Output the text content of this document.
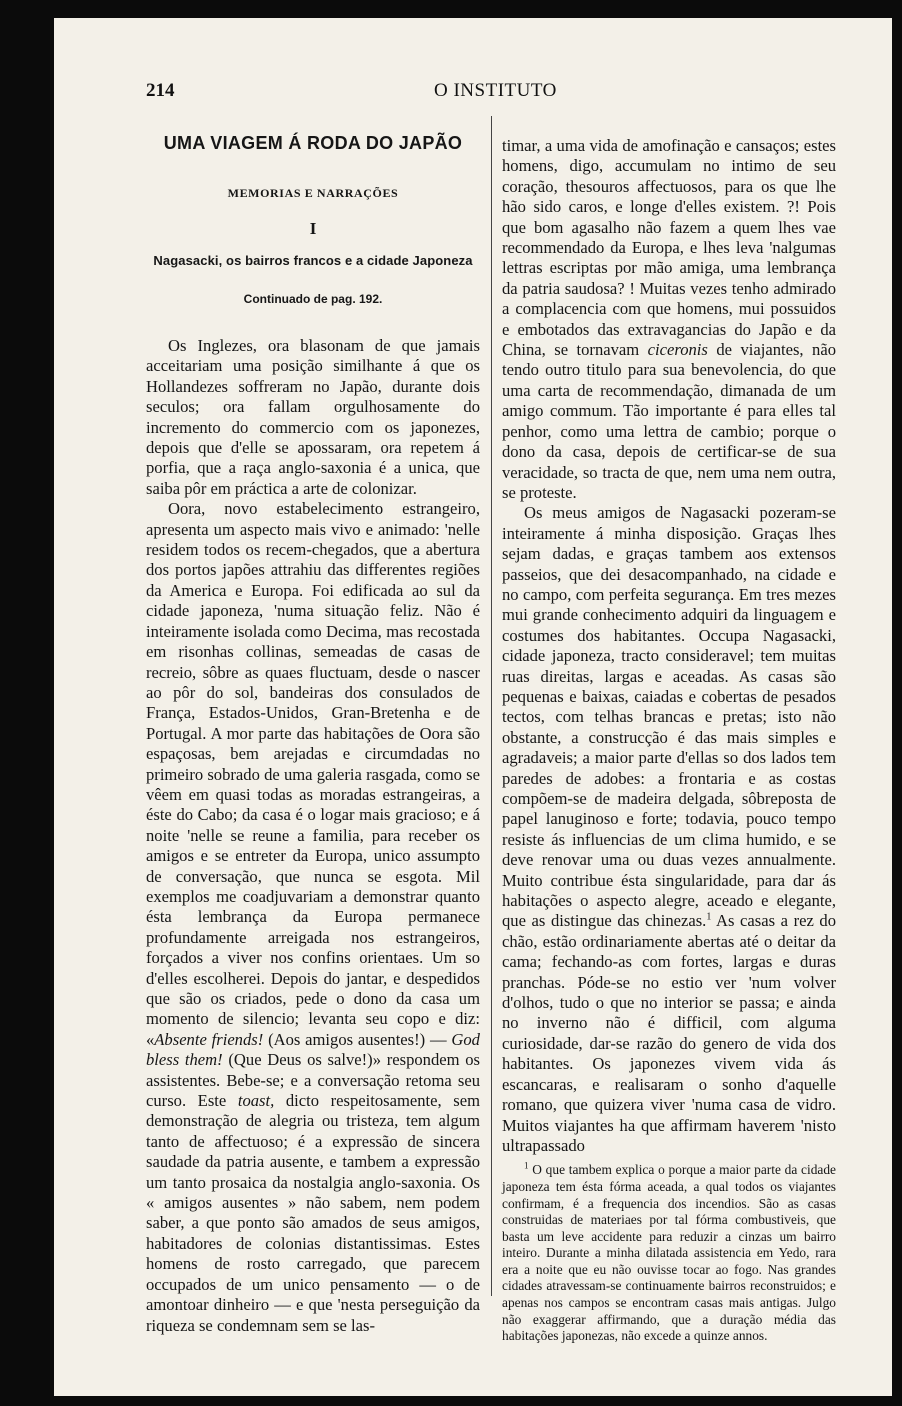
214	O INSTITUTO
UMA VIAGEM Á RODA DO JAPÃO
MEMORIAS E NARRAÇÕES
I
Nagasacki, os bairros francos e a cidade Japoneza
Continuado de pag. 192.

Os Inglezes, ora blasonam de que jamais acceitariam uma posição similhante á que os Hollandezes soffreram no Japão, durante dois seculos; ora fallam orgulhosamente do incremento do commercio com os japonezes, depois que d'elle se apossaram, ora repetem á porfia, que a raça anglo-saxonia é a unica, que saiba pôr em práctica a arte de colonizar.

Oora, novo estabelecimento estrangeiro, apresenta um aspecto mais vivo e animado: 'nelle residem todos os recem-chegados, que a abertura dos portos japões attrahiu das differentes regiões da America e Europa. Foi edificada ao sul da cidade japoneza, 'numa situação feliz. Não é inteiramente isolada como Decima, mas recostada em risonhas collinas, semeadas de casas de recreio, sôbre as quaes fluctuam, desde o nascer ao pôr do sol, bandeiras dos consulados de França, Estados-Unidos, Gran-Bretenha e de Portugal. A mor parte das habitações de Oora são espaçosas, bem arejadas e circumdadas no primeiro sobrado de uma galeria rasgada, como se vêem em quasi todas as moradas estrangeiras, a éste do Cabo; da casa é o logar mais gracioso; e á noite 'nelle se reune a familia, para receber os amigos e se entreter da Europa, unico assumpto de conversação, que nunca se esgota. Mil exemplos me coadjuvariam a demonstrar quanto ésta lembrança da Europa permanece profundamente arreigada nos estrangeiros, forçados a viver nos confins orientaes. Um so d'elles escolherei. Depois do jantar, e despedidos que são os criados, pede o dono da casa um momento de silencio; levanta seu copo e diz: «Absente friends! (Aos amigos ausentes!) — God bless them! (Que Deus os salve!)» respondem os assistentes. Bebe-se; e a conversação retoma seu curso. Este toast, dicto respeitosamente, sem demonstração de alegria ou tristeza, tem algum tanto de affectuoso; é a expressão de sincera saudade da patria ausente, e tambem a expressão um tanto prosaica da nostalgia anglo-saxonia. Os « amigos ausentes » não sabem, nem podem saber, a que ponto são amados de seus amigos, habitadores de colonias distantissimas. Estes homens de rosto carregado, que parecem occupados de um unico pensamento — o de amontoar dinheiro — e que 'nesta perseguição da riqueza se condemnam sem se las-

timar, a uma vida de amofinação e cansaços; estes homens, digo, accumulam no intimo de seu coração, thesouros affectuosos, para os que lhe hão sido caros, e longe d'elles existem. ?! Pois que bom agasalho não fazem a quem lhes vae recommendado da Europa, e lhes leva 'nalgumas lettras escriptas por mão amiga, uma lembrança da patria saudosa? ! Muitas vezes tenho admirado a complacencia com que homens, mui possuidos e embotados das extravagancias do Japão e da China, se tornavam ciceronis de viajantes, não tendo outro titulo para sua benevolencia, do que uma carta de recommendação, dimanada de um amigo commum. Tão importante é para elles tal penhor, como uma lettra de cambio; porque o dono da casa, depois de certificar-se de sua veracidade, so tracta de que, nem uma nem outra, se proteste.

Os meus amigos de Nagasacki pozeram-se inteiramente á minha disposição. Graças lhes sejam dadas, e graças tambem aos extensos passeios, que dei desacompanhado, na cidade e no campo, com perfeita segurança. Em tres mezes mui grande conhecimento adquiri da linguagem e costumes dos habitantes. Occupa Nagasacki, cidade japoneza, tracto consideravel; tem muitas ruas direitas, largas e aceadas. As casas são pequenas e baixas, caiadas e cobertas de pesados tectos, com telhas brancas e pretas; isto não obstante, a construcção é das mais simples e agradaveis; a maior parte d'ellas so dos lados tem paredes de adobes: a frontaria e as costas compõem-se de madeira delgada, sôbreposta de papel lanuginoso e forte; todavia, pouco tempo resiste ás influencias de um clima humido, e se deve renovar uma ou duas vezes annualmente. Muito contribue ésta singularidade, para dar ás habitações o aspecto alegre, aceado e elegante, que as distingue das chinezas.$^1$ As casas a rez do chão, estão ordinariamente abertas até o deitar da cama; fechando-as com fortes, largas e duras pranchas. Póde-se no estio ver 'num volver d'olhos, tudo o que no interior se passa; e ainda no inverno não é difficil, com alguma curiosidade, dar-se razão do genero de vida dos habitantes. Os japonezes vivem vida ás escancaras, e realisaram o sonho d'aquelle romano, que quizera viver 'numa casa de vidro. Muitos viajantes ha que affirmam haverem 'nisto ultrapassado

$^1$ O que tambem explica o porque a maior parte da cidade japoneza tem ésta fórma aceada, a qual todos os viajantes confirmam, é a frequencia dos incendios. São as casas construidas de materiaes por tal fórma combustiveis, que basta um leve accidente para reduzir a cinzas um bairro inteiro. Durante a minha dilatada assistencia em Yedo, rara era a noite que eu não ouvisse tocar ao fogo. Nas grandes cidades atravessam-se continuamente bairros reconstruidos; e apenas nos campos se encontram casas mais antigas. Julgo não exaggerar affirmando, que a duração média das habitações japonezas, não excede a quinze annos.
